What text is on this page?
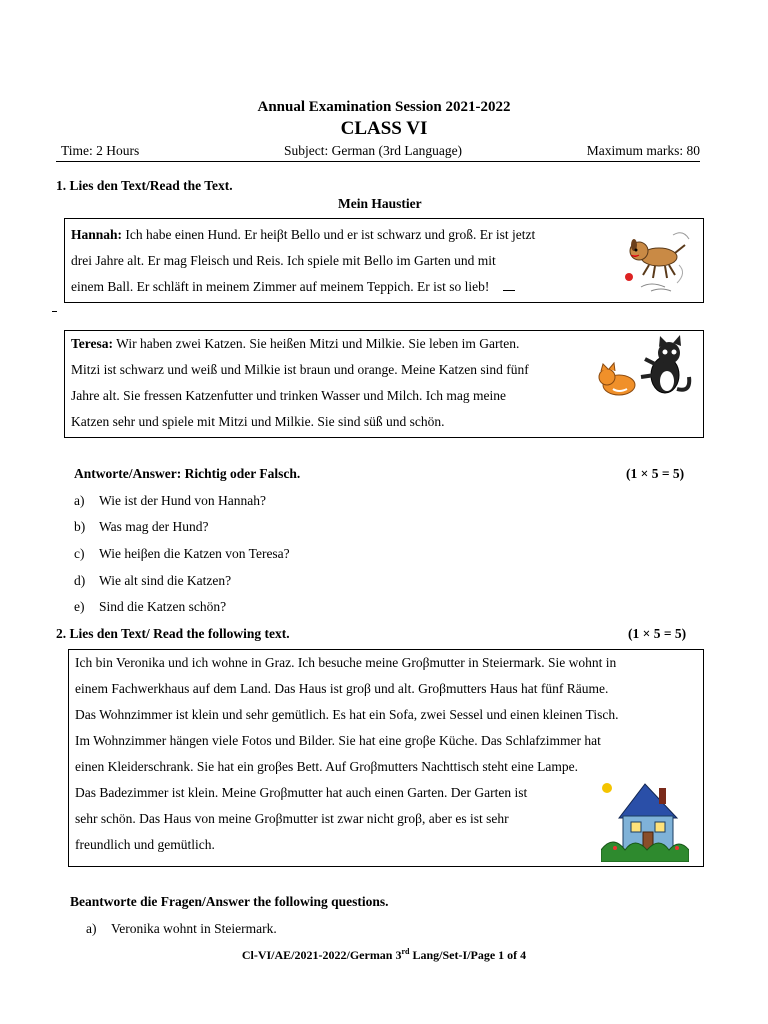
Annual Examination Session 2021-2022
CLASS VI
Time: 2 Hours	Subject: German (3rd Language)	Maximum marks: 80
1. Lies den Text/Read the Text.
Mein Haustier

Hannah: Ich habe einen Hund. Er heiβt Bello und er ist schwarz und groß. Er ist jetzt

drei Jahre alt. Er mag Fleisch und Reis. Ich spiele mit Bello im Garten und mit

einem Ball. Er schläft in meinem Zimmer auf meinem Teppich. Er ist so lieb!

Teresa: Wir haben zwei Katzen. Sie heißen Mitzi und Milkie. Sie leben im Garten.

Mitzi ist schwarz und weiß und Milkie ist braun und orange. Meine Katzen sind fünf

Jahre alt. Sie fressen Katzenfutter und trinken Wasser und Milch. Ich mag meine

Katzen sehr und spiele mit Mitzi und Milkie. Sie sind süß und schön.

Antworte/Answer: Richtig oder Falsch.	(1 × 5 = 5)
a) Wie ist der Hund von Hannah?
b) Was mag der Hund?
c) Wie heiβen die Katzen von Teresa?
d) Wie alt sind die Katzen?
e) Sind die Katzen schön?
2. Lies den Text/ Read the following text.	(1 × 5 = 5)

Ich bin Veronika und ich wohne in Graz. Ich besuche meine Groβmutter in Steiermark. Sie wohnt in

einem Fachwerkhaus auf dem Land. Das Haus ist groβ und alt. Groβmutters Haus hat fünf Räume.

Das Wohnzimmer ist klein und sehr gemütlich. Es hat ein Sofa, zwei Sessel und einen kleinen Tisch.

Im Wohnzimmer hängen viele Fotos und Bilder. Sie hat eine groβe Küche. Das Schlafzimmer hat

einen Kleiderschrank. Sie hat ein groβes Bett. Auf Groβmutters Nachttisch steht eine Lampe.

Das Badezimmer ist klein. Meine Groβmutter hat auch einen Garten. Der Garten ist

sehr schön. Das Haus von meine Groβmutter ist zwar nicht groβ, aber es ist sehr

freundlich und gemütlich.

Beantworte die Fragen/Answer the following questions.
a) Veronika wohnt in Steiermark.
Cl-VI/AE/2021-2022/German 3rd Lang/Set-I/Page 1 of 4
